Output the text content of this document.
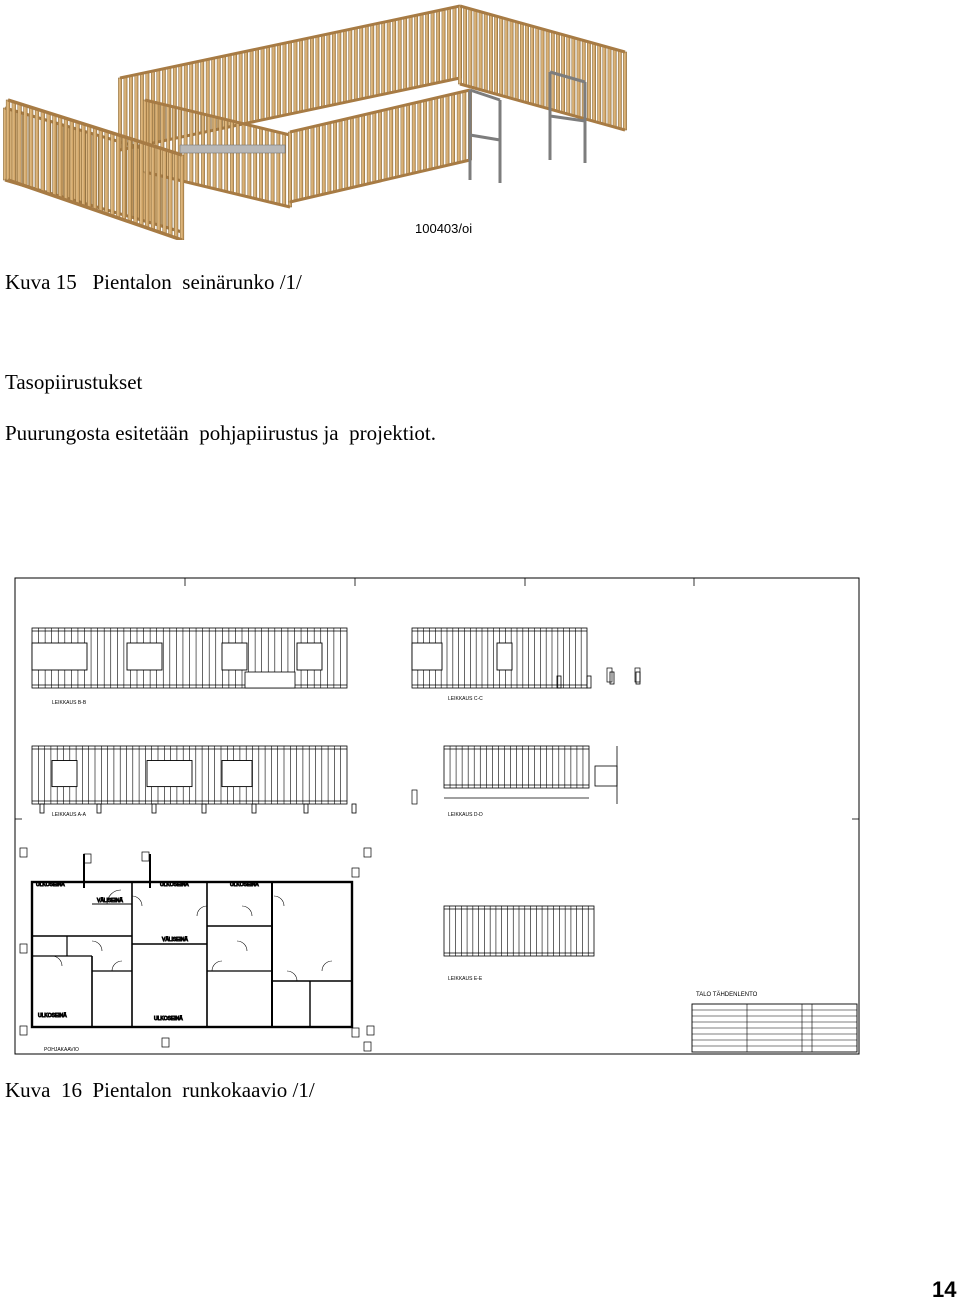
100403/oi
Kuva 15   Pientalon  seinärunko /1/
Tasopiirustukset
Puurungosta esitetään  pohjapiirustus ja  projektiot.
LEIKKAUS B-B
LEIKKAUS C-C
LEIKKAUS A-A	LEIKKAUS D-D
LEIKKAUS E-E
ULKOSEINÄ	ULKOSEINÄ	ULKOSEINÄ
ULKOSEINÄ	ULKOSEINÄ
VÄLISEINÄ
VÄLISEINÄ
POHJAKAAVIO
TALO TÄHDENLENTO
Kuva  16  Pientalon  runkokaavio /1/
14
